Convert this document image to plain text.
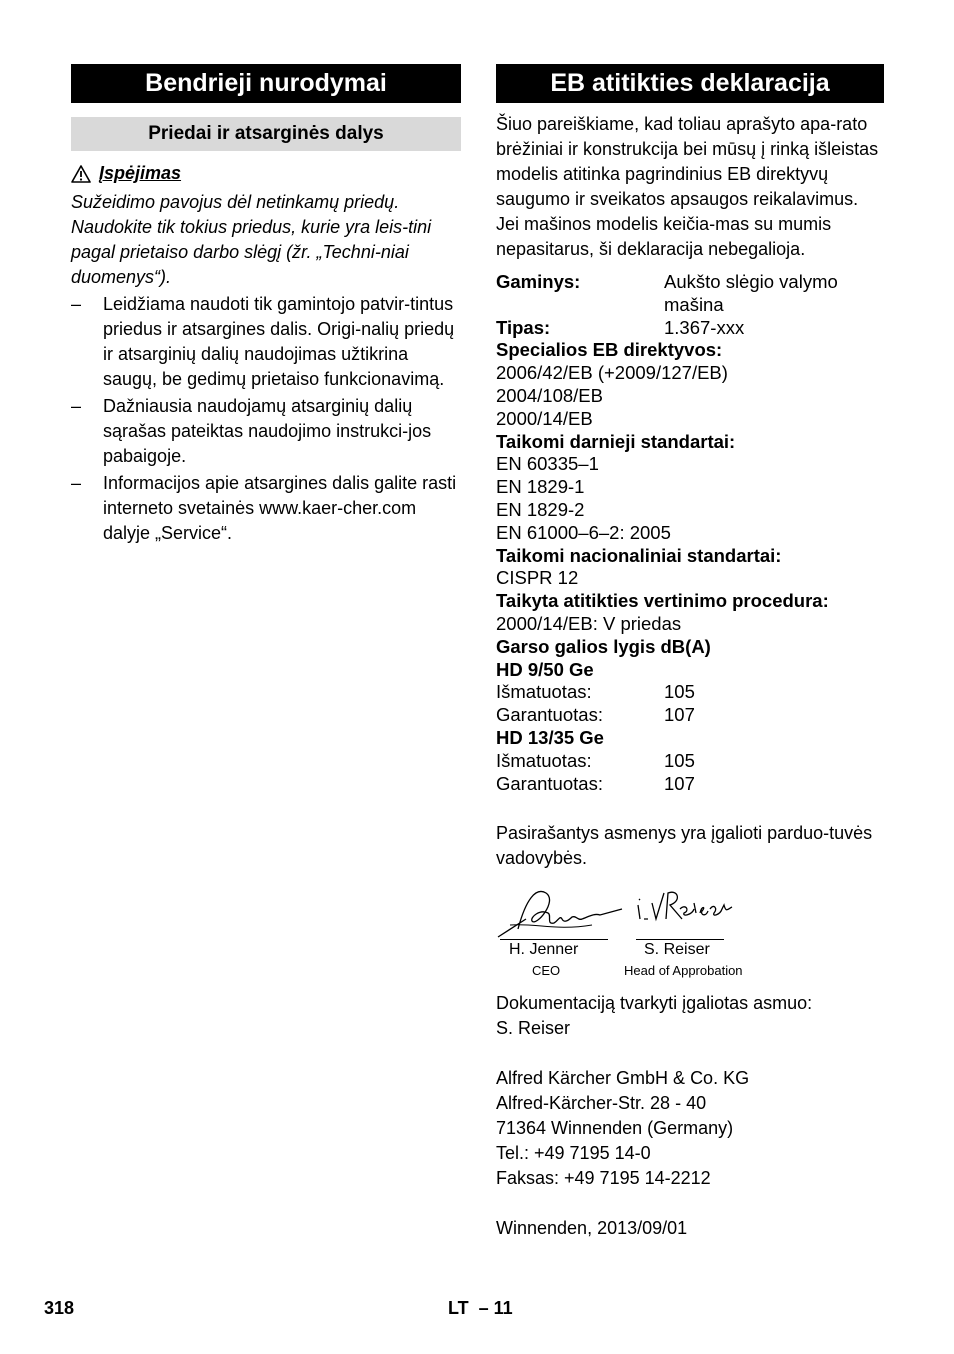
Bendrieji nurodymai
Priedai ir atsarginės dalys
Įspėjimas
Sužeidimo pavojus dėl netinkamų priedų. Naudokite tik tokius priedus, kurie yra leis-tini pagal prietaiso darbo slėgį (žr. „Techni-niai duomenys“).
– Leidžiama naudoti tik gamintojo patvir-tintus priedus ir atsargines dalis. Origi-nalių priedų ir atsarginių dalių naudojimas užtikrina saugų, be gedimų prietaiso funkcionavimą.
– Dažniausia naudojamų atsarginių dalių sąrašas pateiktas naudojimo instrukci-jos pabaigoje.
– Informacijos apie atsargines dalis galite rasti interneto svetainės www.kaer-cher.com dalyje „Service“.
EB atitikties deklaracija
Šiuo pareiškiame, kad toliau aprašyto apa-rato brėžiniai ir konstrukcija bei mūsų į rinką išleistas modelis atitinka pagrindinius EB direktyvų saugumo ir sveikatos apsaugos reikalavimus. Jei mašinos modelis keičia-mas su mumis nepasitarus, ši deklaracija nebegalioja.
Gaminys:	Aukšto slėgio valymo
mašina
Tipas:	1.367-xxx
Specialios EB direktyvos:
2006/42/EB (+2009/127/EB)
2004/108/EB
2000/14/EB
Taikomi darnieji standartai:
EN 60335–1
EN 1829-1
EN 1829-2
EN 61000–6–2: 2005
Taikomi nacionaliniai standartai:
CISPR 12
Taikyta atitikties vertinimo procedura:
2000/14/EB: V priedas
Garso galios lygis dB(A)
HD 9/50 Ge
Išmatuotas:	105
Garantuotas:	107
HD 13/35 Ge
Išmatuotas:	105
Garantuotas:	107
Pasirašantys asmenys yra įgalioti parduo-tuvės vadovybės.
H. Jenner
CEO
S. Reiser
Head of Approbation
Dokumentaciją tvarkyti įgaliotas asmuo:
S. Reiser
Alfred Kärcher GmbH & Co. KG
Alfred-Kärcher-Str. 28 - 40
71364 Winnenden (Germany)
Tel.: +49 7195 14-0
Faksas: +49 7195 14-2212
Winnenden, 2013/09/01
318	LT  – 11
